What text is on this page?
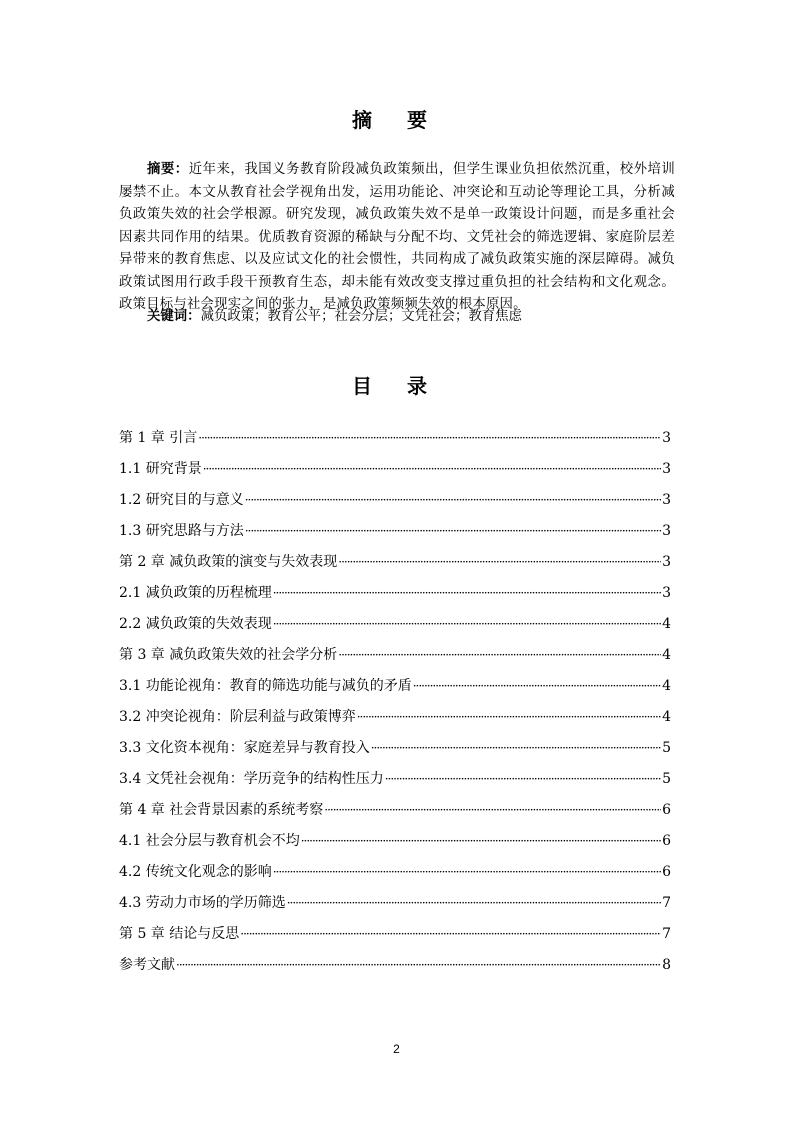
摘 要

摘要：近年来，我国义务教育阶段减负政策频出，但学生课业负担依然沉重，校外培训屡禁不止。本文从教育社会学视角出发，运用功能论、冲突论和互动论等理论工具，分析减负政策失效的社会学根源。研究发现，减负政策失效不是单一政策设计问题，而是多重社会因素共同作用的结果。优质教育资源的稀缺与分配不均、文凭社会的筛选逻辑、家庭阶层差异带来的教育焦虑、以及应试文化的社会惯性，共同构成了减负政策实施的深层障碍。减负政策试图用行政手段干预教育生态，却未能有效改变支撑过重负担的社会结构和文化观念。政策目标与社会现实之间的张力，是减负政策频频失效的根本原因。

关键词：减负政策；教育公平；社会分层；文凭社会；教育焦虑

目 录
第 1 章 引言 ·····	3
1.1 研究背景 ·····	3
1.2 研究目的与意义 ·····	3
1.3 研究思路与方法 ·····	3
第 2 章 减负政策的演变与失效表现 ·····	3
2.1 减负政策的历程梳理 ·····	3
2.2 减负政策的失效表现 ·····	4
第 3 章 减负政策失效的社会学分析 ·····	4
3.1 功能论视角：教育的筛选功能与减负的矛盾 ·····	4
3.2 冲突论视角：阶层利益与政策博弈 ·····	4
3.3 文化资本视角：家庭差异与教育投入 ·····	5
3.4 文凭社会视角：学历竞争的结构性压力 ·····	5
第 4 章 社会背景因素的系统考察 ·····	6
4.1 社会分层与教育机会不均 ·····	6
4.2 传统文化观念的影响 ·····	6
4.3 劳动力市场的学历筛选 ·····	7
第 5 章 结论与反思 ·····	7
参考文献 ·····	8
2
